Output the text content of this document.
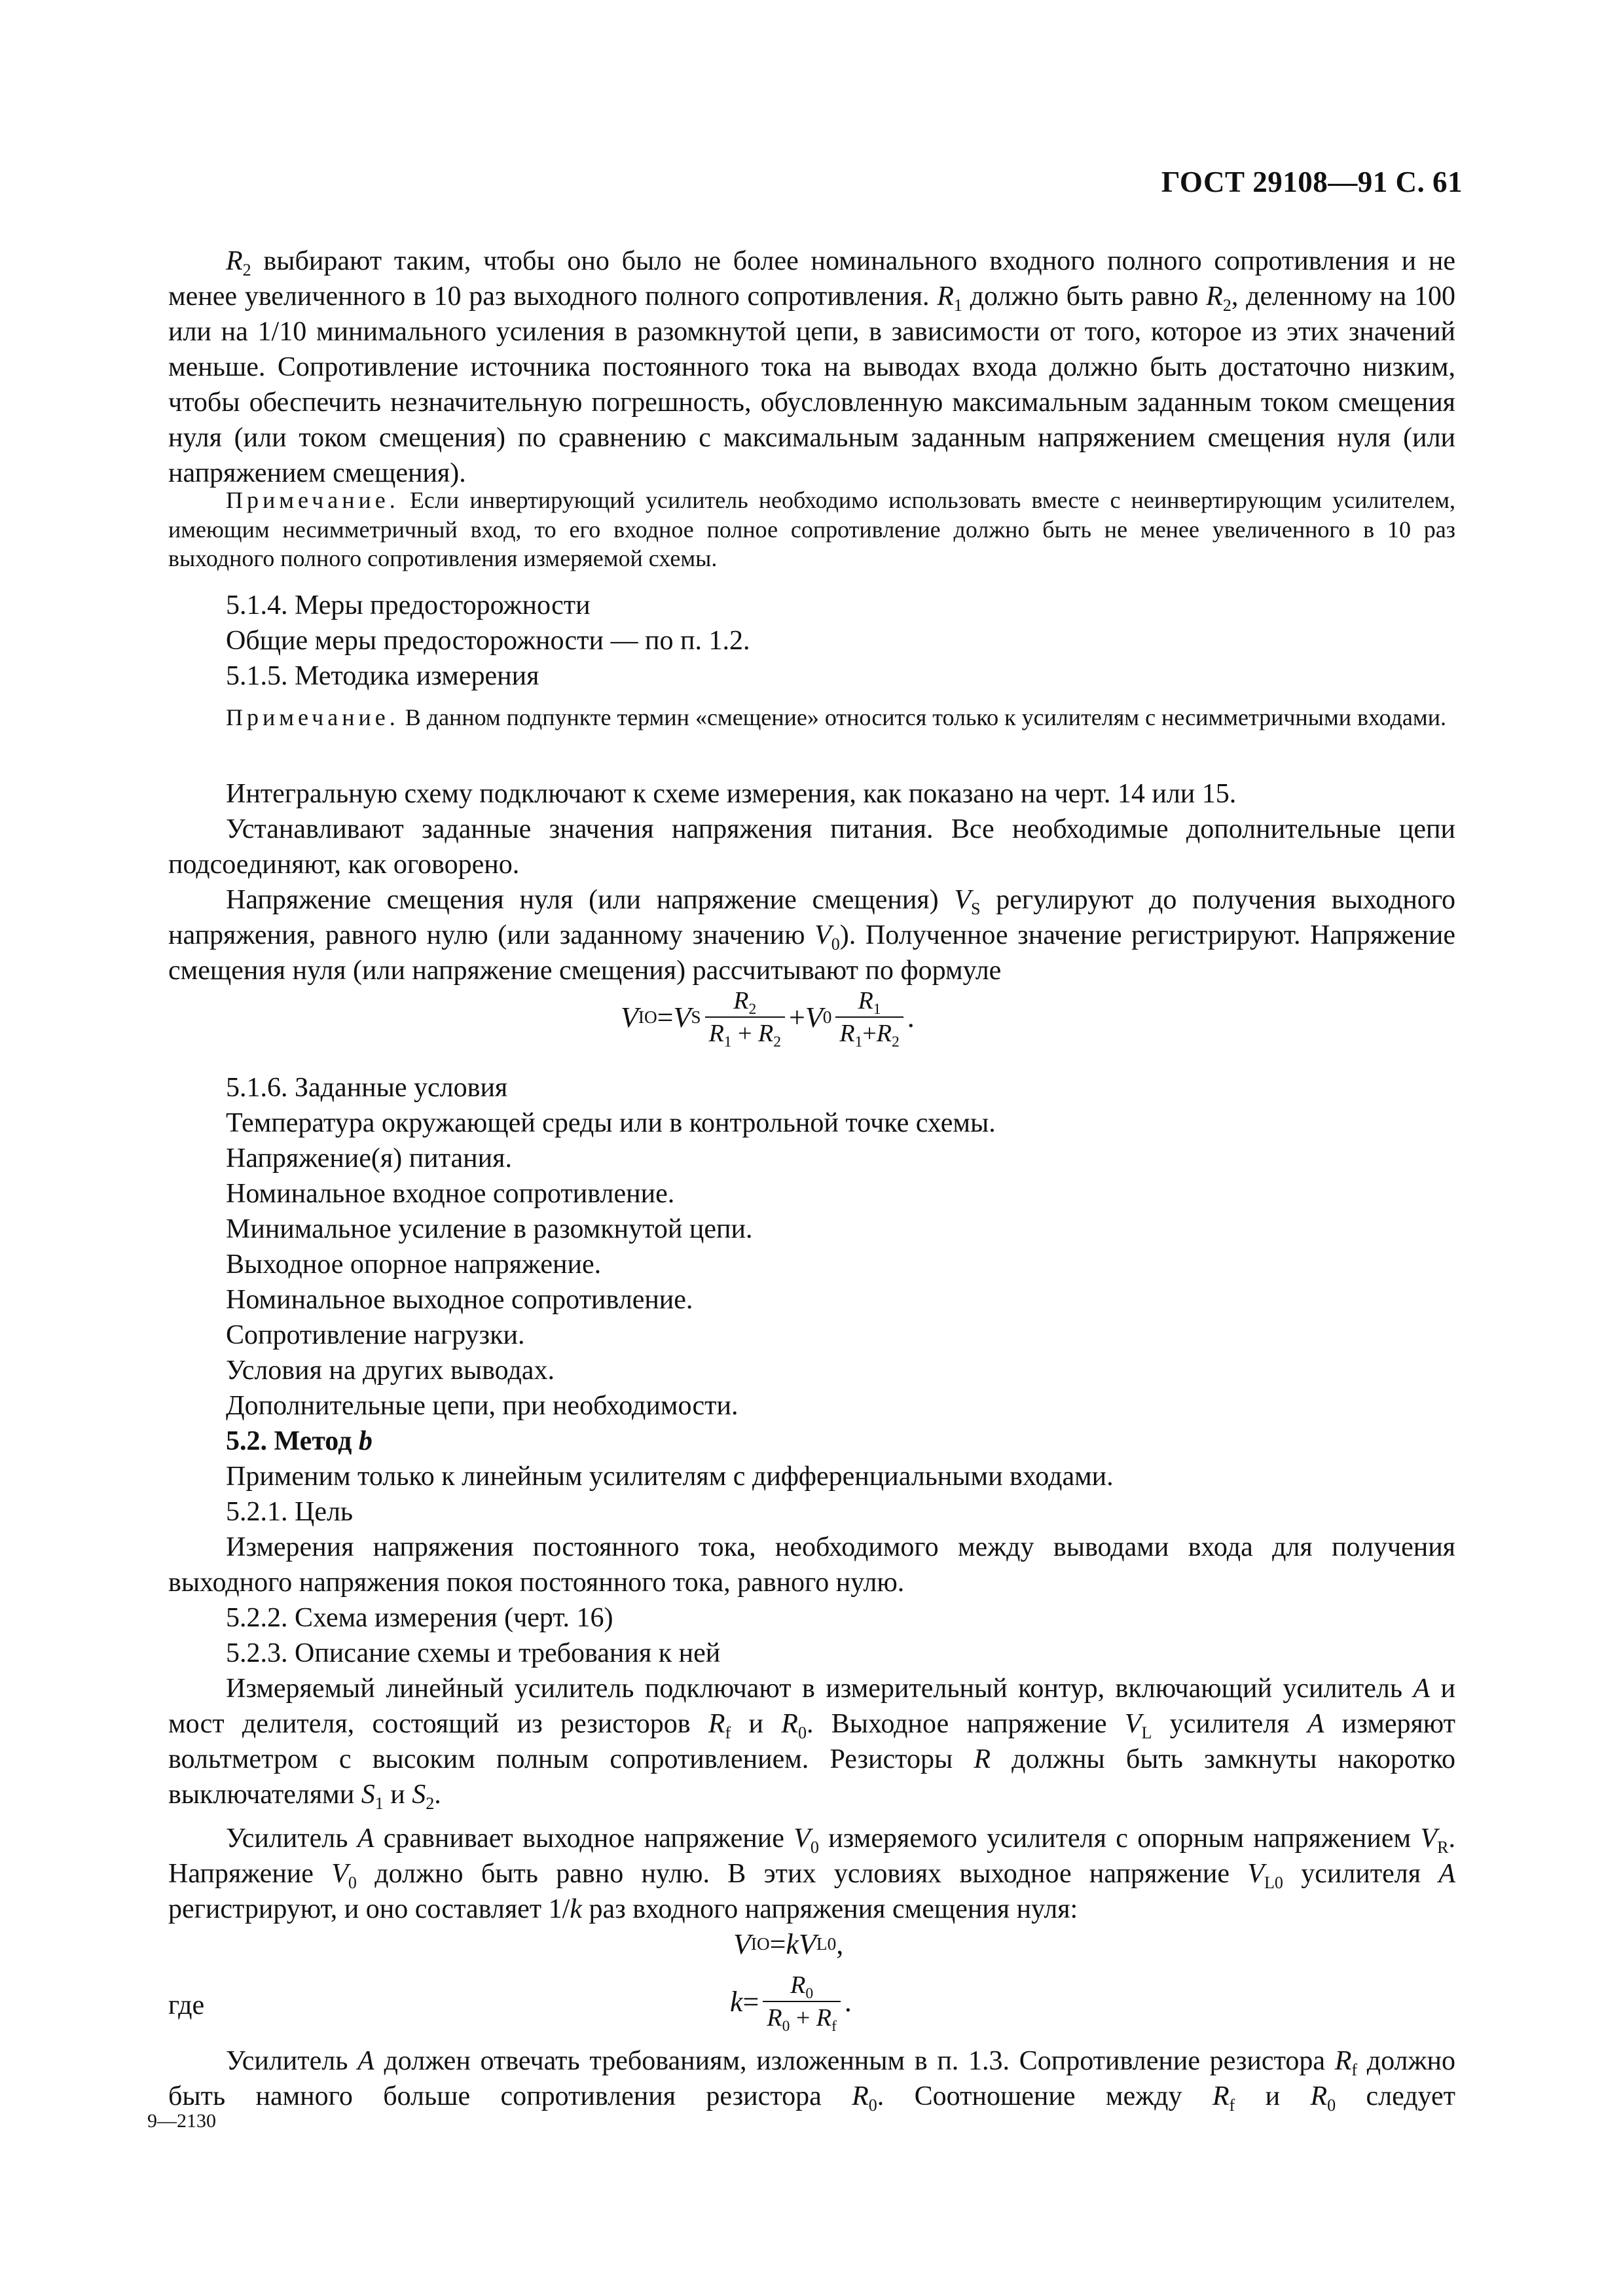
ГОСТ 29108—91 С. 61

$R_2$ выбирают таким, чтобы оно было не более номинального входного полного сопротивления и не менее увеличенного в 10 раз выходного полного сопротивления. $R_1$ должно быть равно $R_2$, деленному на 100 или на 1/10 минимального усиления в разомкнутой цепи, в зависимости от того, которое из этих значений меньше. Сопротивление источника постоянного тока на выводах входа должно быть достаточно низким, чтобы обеспечить незначительную погрешность, обусловленную максимальным заданным током смещения нуля (или током смещения) по сравнению с максимальным заданным напряжением смещения нуля (или напряжением смещения).

Примечание. Если инвертирующий усилитель необходимо использовать вместе с неинвертирующим усилителем, имеющим несимметричный вход, то его входное полное сопротивление должно быть не менее увеличенного в 10 раз выходного полного сопротивления измеряемой схемы.

5.1.4. Меры предосторожности
Общие меры предосторожности — по п. 1.2.
5.1.5. Методика измерения

Примечание. В данном подпункте термин «смещение» относится только к усилителям с несимметричными входами.

Интегральную схему подключают к схеме измерения, как показано на черт. 14 или 15.

Устанавливают заданные значения напряжения питания. Все необходимые дополнительные цепи подсоединяют, как оговорено.

Напряжение смещения нуля (или напряжение смещения) $V_S$ регулируют до получения выходного напряжения, равного нулю (или заданному значению $V_0$). Полученное значение регистрируют. Напряжение смещения нуля (или напряжение смещения) рассчитывают по формуле

V IO = V S $\frac{R_2}{R_1 + R_2} + V$ $0 \frac{R_1}{R_1+R_2}$ .
5.1.6. Заданные условия
Температура окружающей среды или в контрольной точке схемы.
Напряжение(я) питания.
Номинальное входное сопротивление.
Минимальное усиление в разомкнутой цепи.
Выходное опорное напряжение.
Номинальное выходное сопротивление.
Сопротивление нагрузки.
Условия на других выводах.
Дополнительные цепи, при необходимости.
5.2. Метод b
Применим только к линейным усилителям с дифференциальными входами.
5.2.1. Цель

Измерения напряжения постоянного тока, необходимого между выводами входа для получения выходного напряжения покоя постоянного тока, равного нулю.

5.2.2. Схема измерения (черт. 16)
5.2.3. Описание схемы и требования к ней

Измеряемый линейный усилитель подключают в измерительный контур, включающий усилитель A и мост делителя, состоящий из резисторов $R_f$ и $R_0$. Выходное напряжение $V_L$ усилителя A измеряют вольтметром с высоким полным сопротивлением. Резисторы R должны быть замкнуты накоротко выключателями $S_1$ и $S_2$.

Усилитель A сравнивает выходное напряжение $V_0$ измеряемого усилителя с опорным напряжением $V_R$. Напряжение $V_0$ должно быть равно нулю. В этих условиях выходное напряжение $V_{L0}$ усилителя A регистрируют, и оно составляет 1/k раз входного напряжения смещения нуля:

V IO = k V L0 ,
где	$k = \frac{R_0}{R_0 + R_f}$ .

Усилитель A должен отвечать требованиям, изложенным в п. 1.3. Сопротивление резистора $R_f$ должно быть намного больше сопротивления резистора $R_0$. Соотношение между $R_f$ и $R_0$ следует

9—2130
